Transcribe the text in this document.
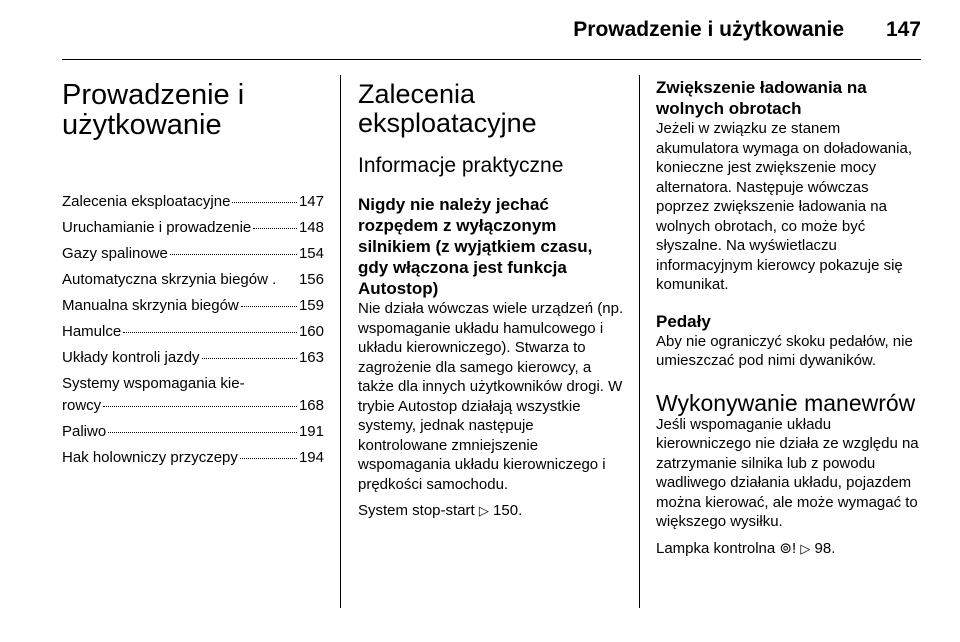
Prowadzenie i użytkowanie 147
Prowadzenie i
użytkowanie
Zalecenia eksploatacyjne	147
Uruchamianie i prowadzenie	148
Gazy spalinowe	154
Automatyczna skrzynia biegów . 156
Manualna skrzynia biegów	159
Hamulce	160
Układy kontroli jazdy	163
Systemy wspomagania kie-
rowcy	168
Paliwo	191
Hak holowniczy przyczepy	194
Zalecenia
eksploatacyjne
Informacje praktyczne
Nigdy nie należy jechać rozpędem z wyłączonym silnikiem (z wyjątkiem czasu, gdy włączona jest funkcja Autostop)

Nie działa wówczas wiele urządzeń (np. wspomaganie układu hamulcowego i układu kierowniczego). Stwarza to zagrożenie dla samego kierowcy, a także dla innych użytkowników drogi. W trybie Autostop działają wszystkie systemy, jednak następuje kontrolowane zmniejszenie wspomagania układu kierowniczego i prędkości samochodu.

System stop-start ▷ 150.

Zwiększenie ładowania na wolnych obrotach

Jeżeli w związku ze stanem akumulatora wymaga on doładowania, konieczne jest zwiększenie mocy alternatora. Następuje wówczas poprzez zwiększenie ładowania na wolnych obrotach, co może być słyszalne. Na wyświetlaczu informacyjnym kierowcy pokazuje się komunikat.

Pedały

Aby nie ograniczyć skoku pedałów, nie umieszczać pod nimi dywaników.

Wykonywanie manewrów

Jeśli wspomaganie układu kierowniczego nie działa ze względu na zatrzymanie silnika lub z powodu wadliwego działania układu, pojazdem można kierować, ale może wymagać to większego wysiłku.

Lampka kontrolna ⊚! ▷ 98.
